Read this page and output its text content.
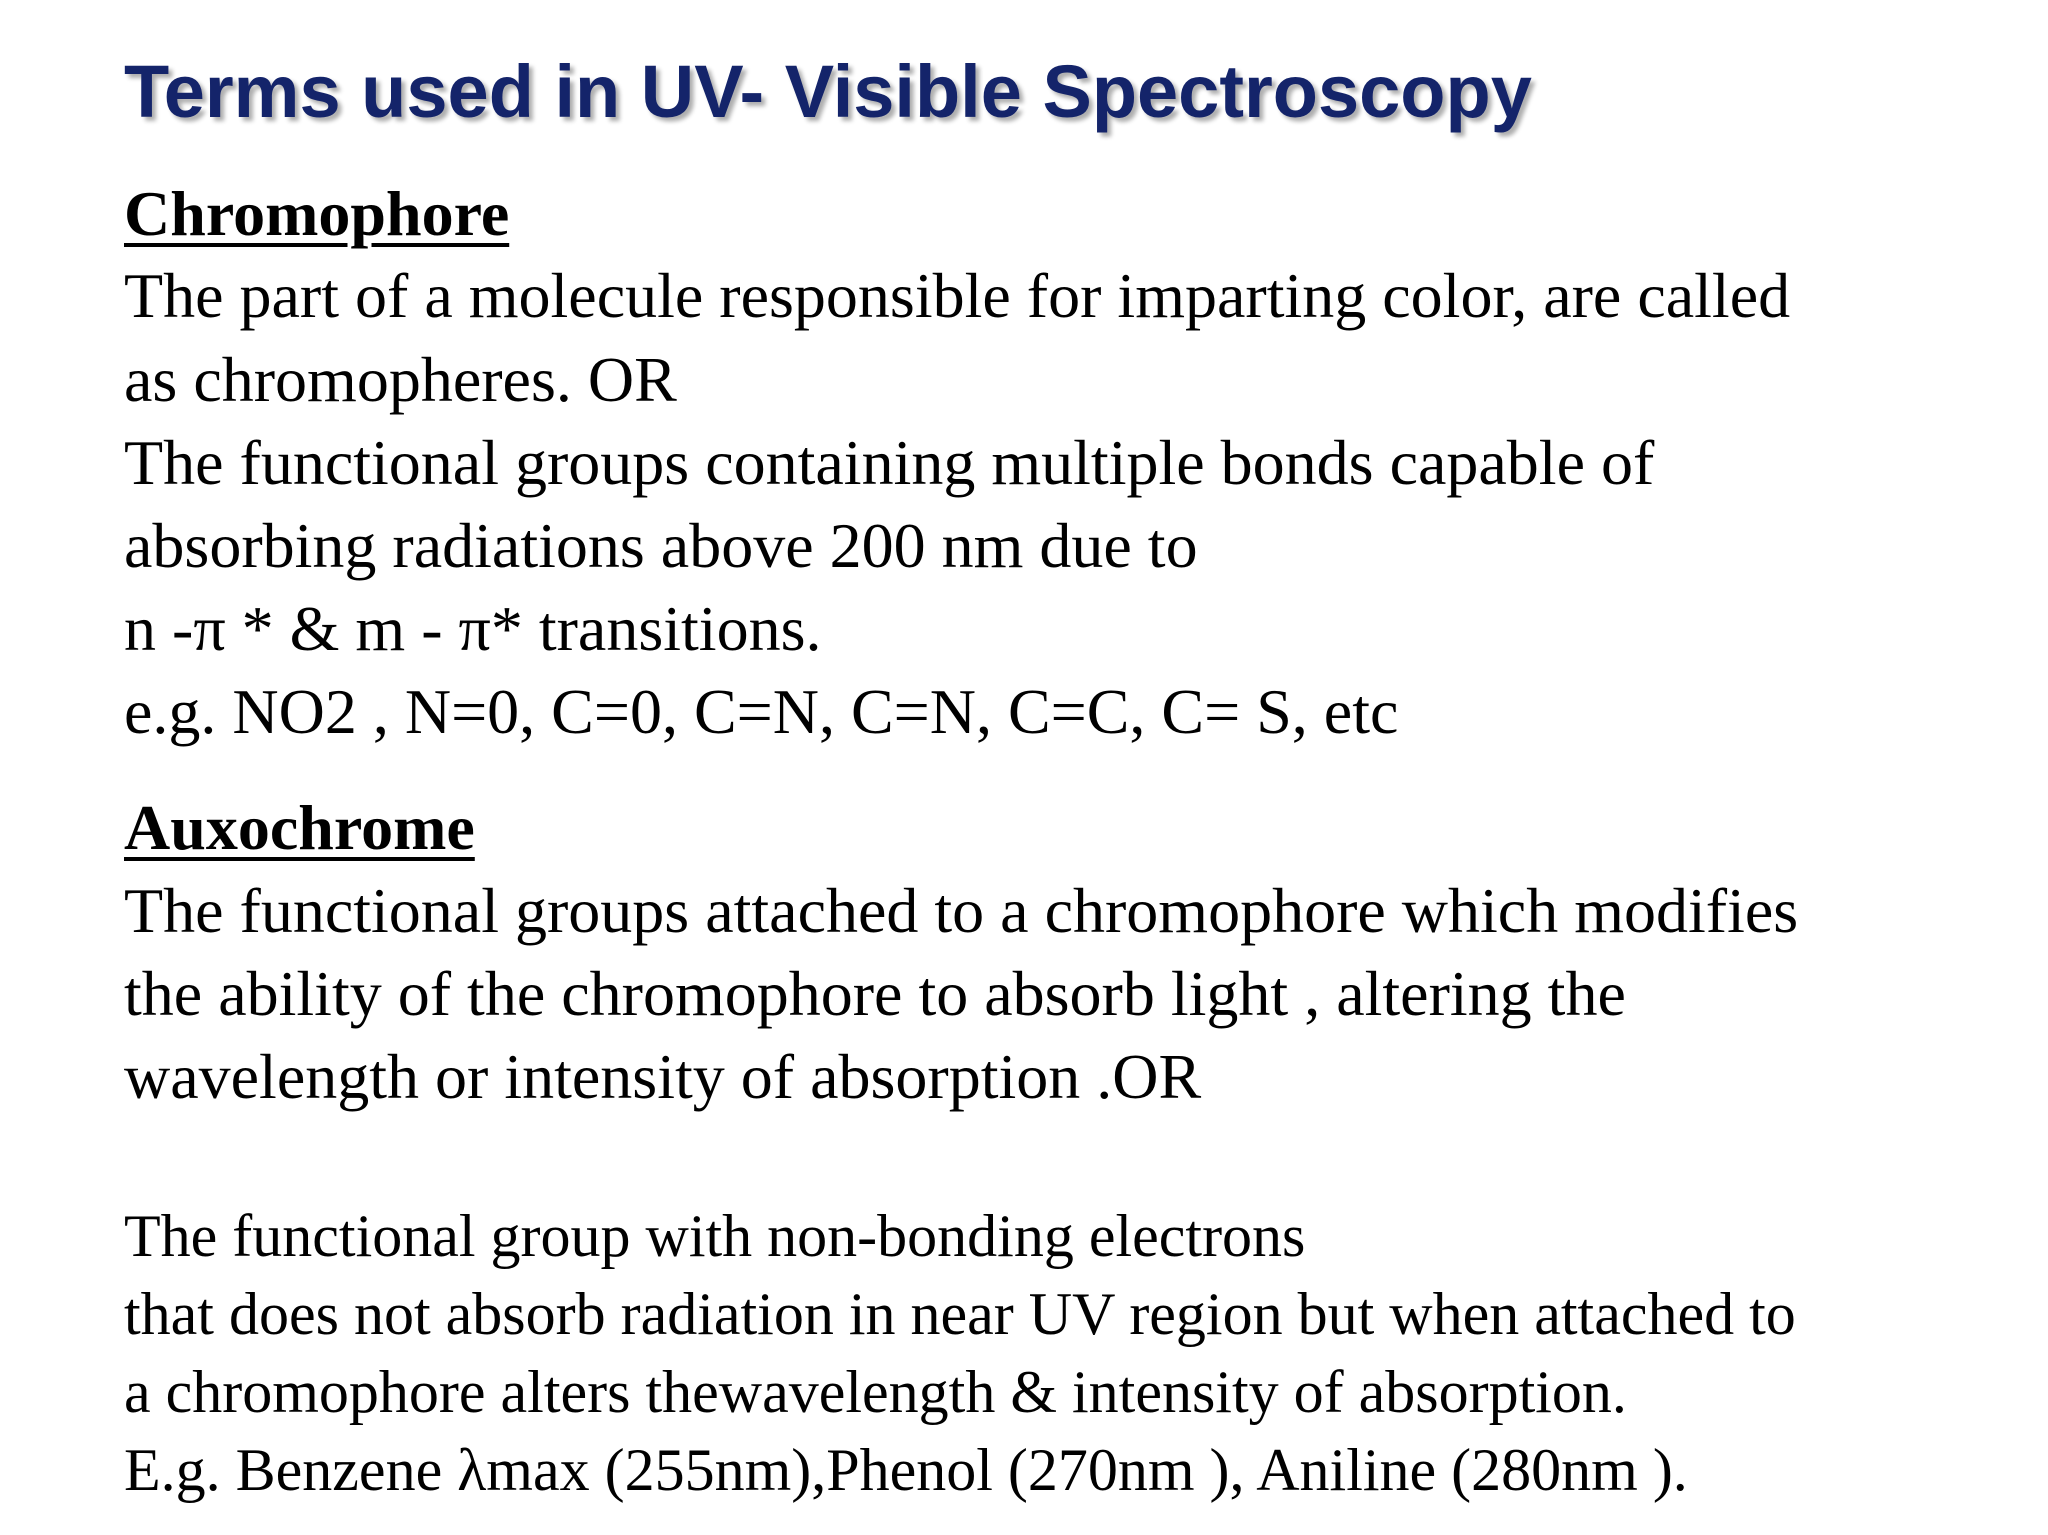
Terms used in UV- Visible Spectroscopy
Chromophore
The part of a molecule responsible for imparting color, are called
as chromopheres. OR
The functional groups containing multiple bonds capable of
absorbing radiations above 200 nm due to
n -π * & m - π* transitions.
e.g. NO2 , N=0, C=0, C=N, C=N, C=C, C= S, etc
Auxochrome
The functional groups attached to a chromophore which modifies
the ability of the chromophore to absorb light , altering the
wavelength or intensity of absorption .OR
The functional group with non-bonding electrons
that does not absorb radiation in near UV region but when attached to
a chromophore alters thewavelength & intensity of absorption.
E.g. Benzene λmax (255nm),Phenol (270nm ), Aniline (280nm ).
